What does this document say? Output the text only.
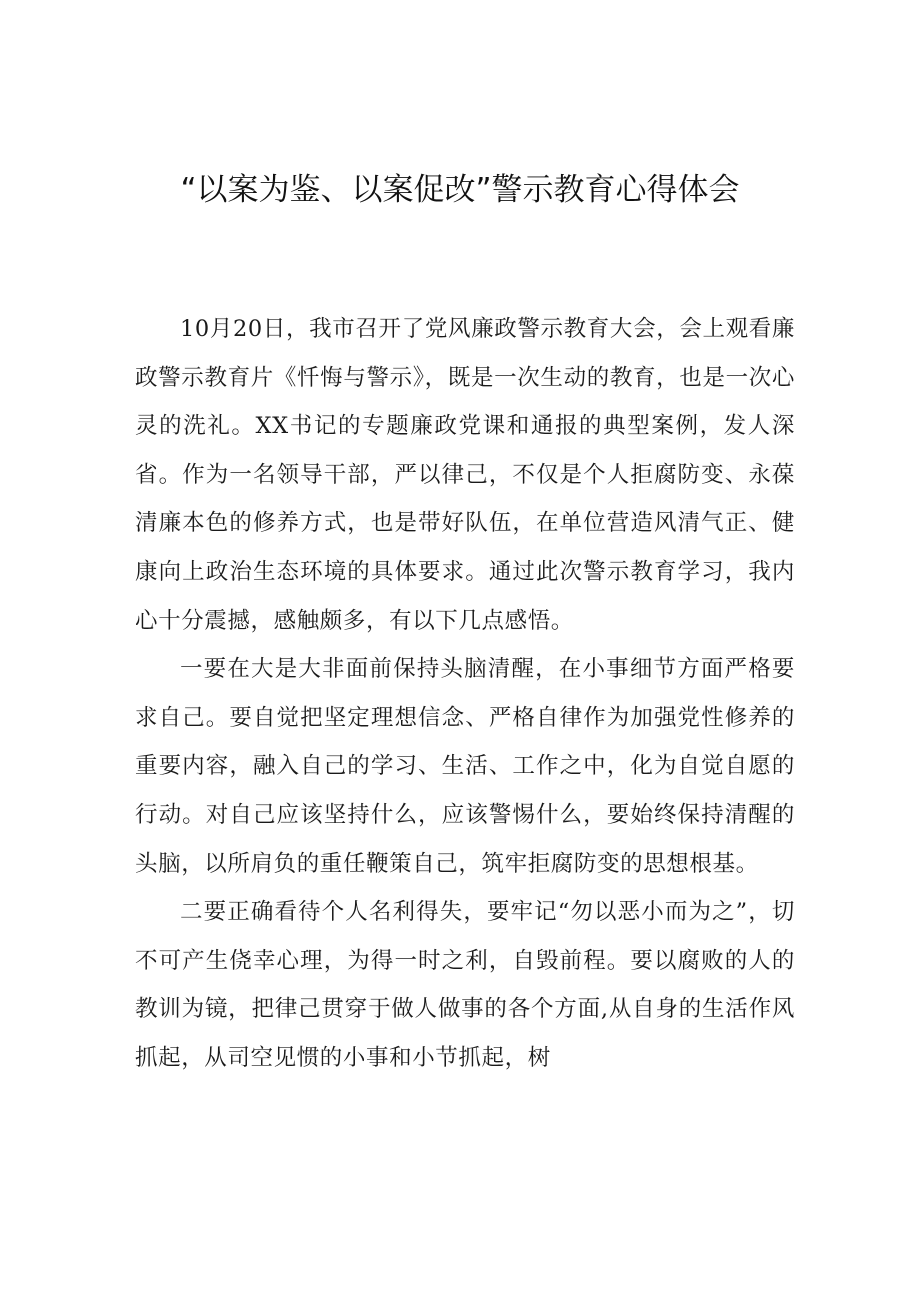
“以案为鉴、以案促改”警示教育心得体会

10月20日，我市召开了党风廉政警示教育大会，会上观看廉政警示教育片《忏悔与警示》，既是一次生动的教育，也是一次心灵的洗礼。XX书记的专题廉政党课和通报的典型案例，发人深省。作为一名领导干部，严以律己，不仅是个人拒腐防变、永葆清廉本色的修养方式，也是带好队伍，在单位营造风清气正、健康向上政治生态环境的具体要求。通过此次警示教育学习，我内心十分震撼，感触颇多，有以下几点感悟。

一要在大是大非面前保持头脑清醒，在小事细节方面严格要求自己。要自觉把坚定理想信念、严格自律作为加强党性修养的重要内容，融入自己的学习、生活、工作之中，化为自觉自愿的行动。对自己应该坚持什么，应该警惕什么，要始终保持清醒的头脑，以所肩负的重任鞭策自己，筑牢拒腐防变的思想根基。

二要正确看待个人名利得失，要牢记“勿以恶小而为之”，切不可产生侥幸心理，为得一时之利，自毁前程。要以腐败的人的教训为镜，把律己贯穿于做人做事的各个方面,从自身的生活作风抓起，从司空见惯的小事和小节抓起，树
